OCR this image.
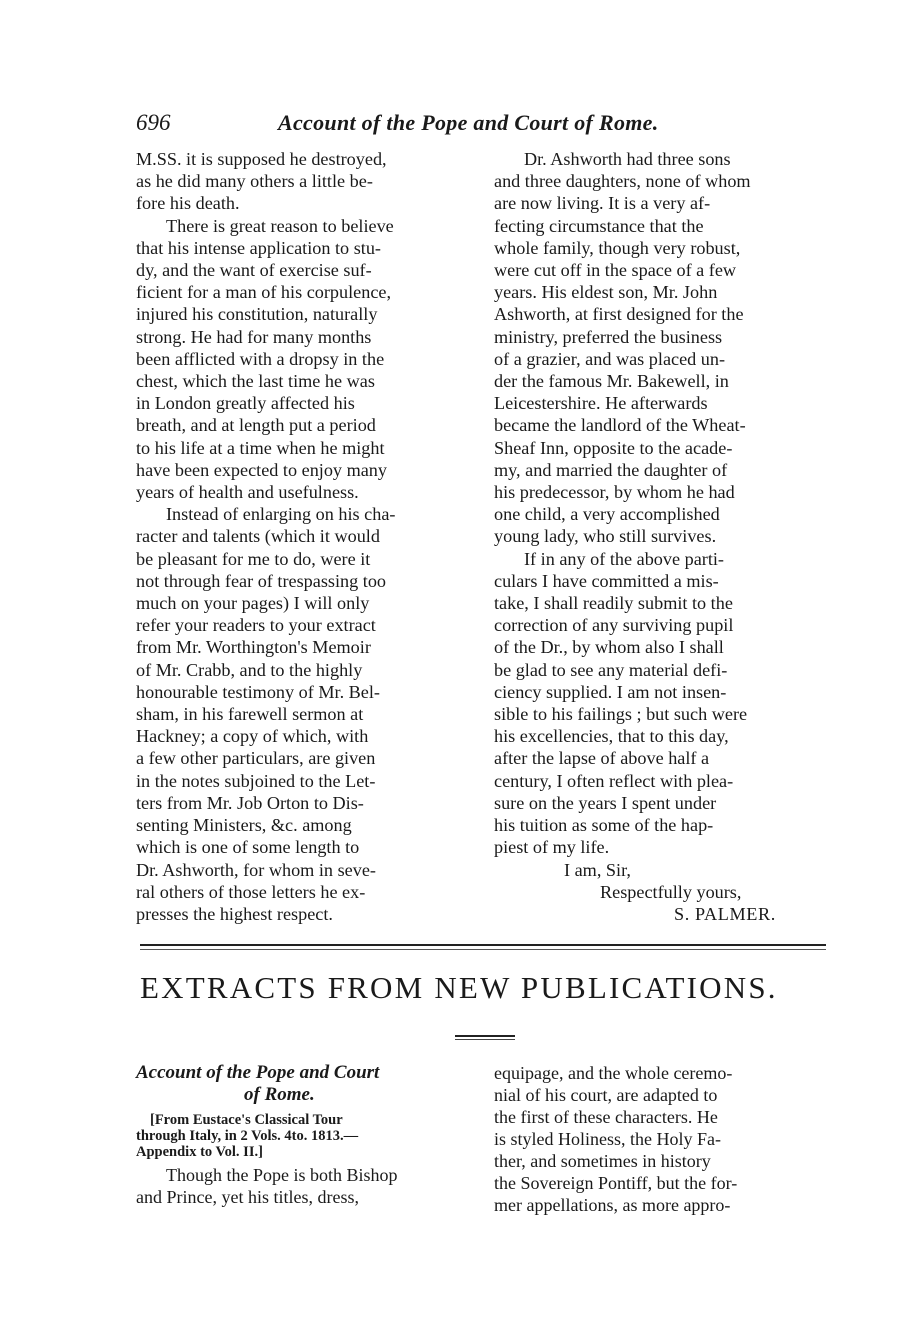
696	Account of the Pope and Court of Rome.

M.SS. it is supposed he destroyed,
as he did many others a little be-
fore his death.

There is great reason to believe
that his intense application to stu-
dy, and the want of exercise suf-
ficient for a man of his corpulence,
injured his constitution, naturally
strong. He had for many months
been afflicted with a dropsy in the
chest, which the last time he was
in London greatly affected his
breath, and at length put a period
to his life at a time when he might
have been expected to enjoy many
years of health and usefulness.

Instead of enlarging on his cha-
racter and talents (which it would
be pleasant for me to do, were it
not through fear of trespassing too
much on your pages) I will only
refer your readers to your extract
from Mr. Worthington's Memoir
of Mr. Crabb, and to the highly
honourable testimony of Mr. Bel-
sham, in his farewell sermon at
Hackney; a copy of which, with
a few other particulars, are given
in the notes subjoined to the Let-
ters from Mr. Job Orton to Dis-
senting Ministers, &c. among
which is one of some length to
Dr. Ashworth, for whom in seve-
ral others of those letters he ex-
presses the highest respect.

Dr. Ashworth had three sons
and three daughters, none of whom
are now living. It is a very af-
fecting circumstance that the
whole family, though very robust,
were cut off in the space of a few
years. His eldest son, Mr. John
Ashworth, at first designed for the
ministry, preferred the business
of a grazier, and was placed un-
der the famous Mr. Bakewell, in
Leicestershire. He afterwards
became the landlord of the Wheat-
Sheaf Inn, opposite to the acade-
my, and married the daughter of
his predecessor, by whom he had
one child, a very accomplished
young lady, who still survives.

If in any of the above parti-
culars I have committed a mis-
take, I shall readily submit to the
correction of any surviving pupil
of the Dr., by whom also I shall
be glad to see any material defi-
ciency supplied. I am not insen-
sible to his failings ; but such were
his excellencies, that to this day,
after the lapse of above half a
century, I often reflect with plea-
sure on the years I spent under
his tuition as some of the hap-
piest of my life.

I am, Sir,

Respectfully yours,

S. PALMER.

EXTRACTS FROM NEW PUBLICATIONS.

Account of the Pope and Court
of Rome.

[From Eustace's Classical Tour
through Italy, in 2 Vols. 4to. 1813.—
Appendix to Vol. II.]

Though the Pope is both Bishop
and Prince, yet his titles, dress,

equipage, and the whole ceremo-
nial of his court, are adapted to
the first of these characters. He
is styled Holiness, the Holy Fa-
ther, and sometimes in history
the Sovereign Pontiff, but the for-
mer appellations, as more appro-
